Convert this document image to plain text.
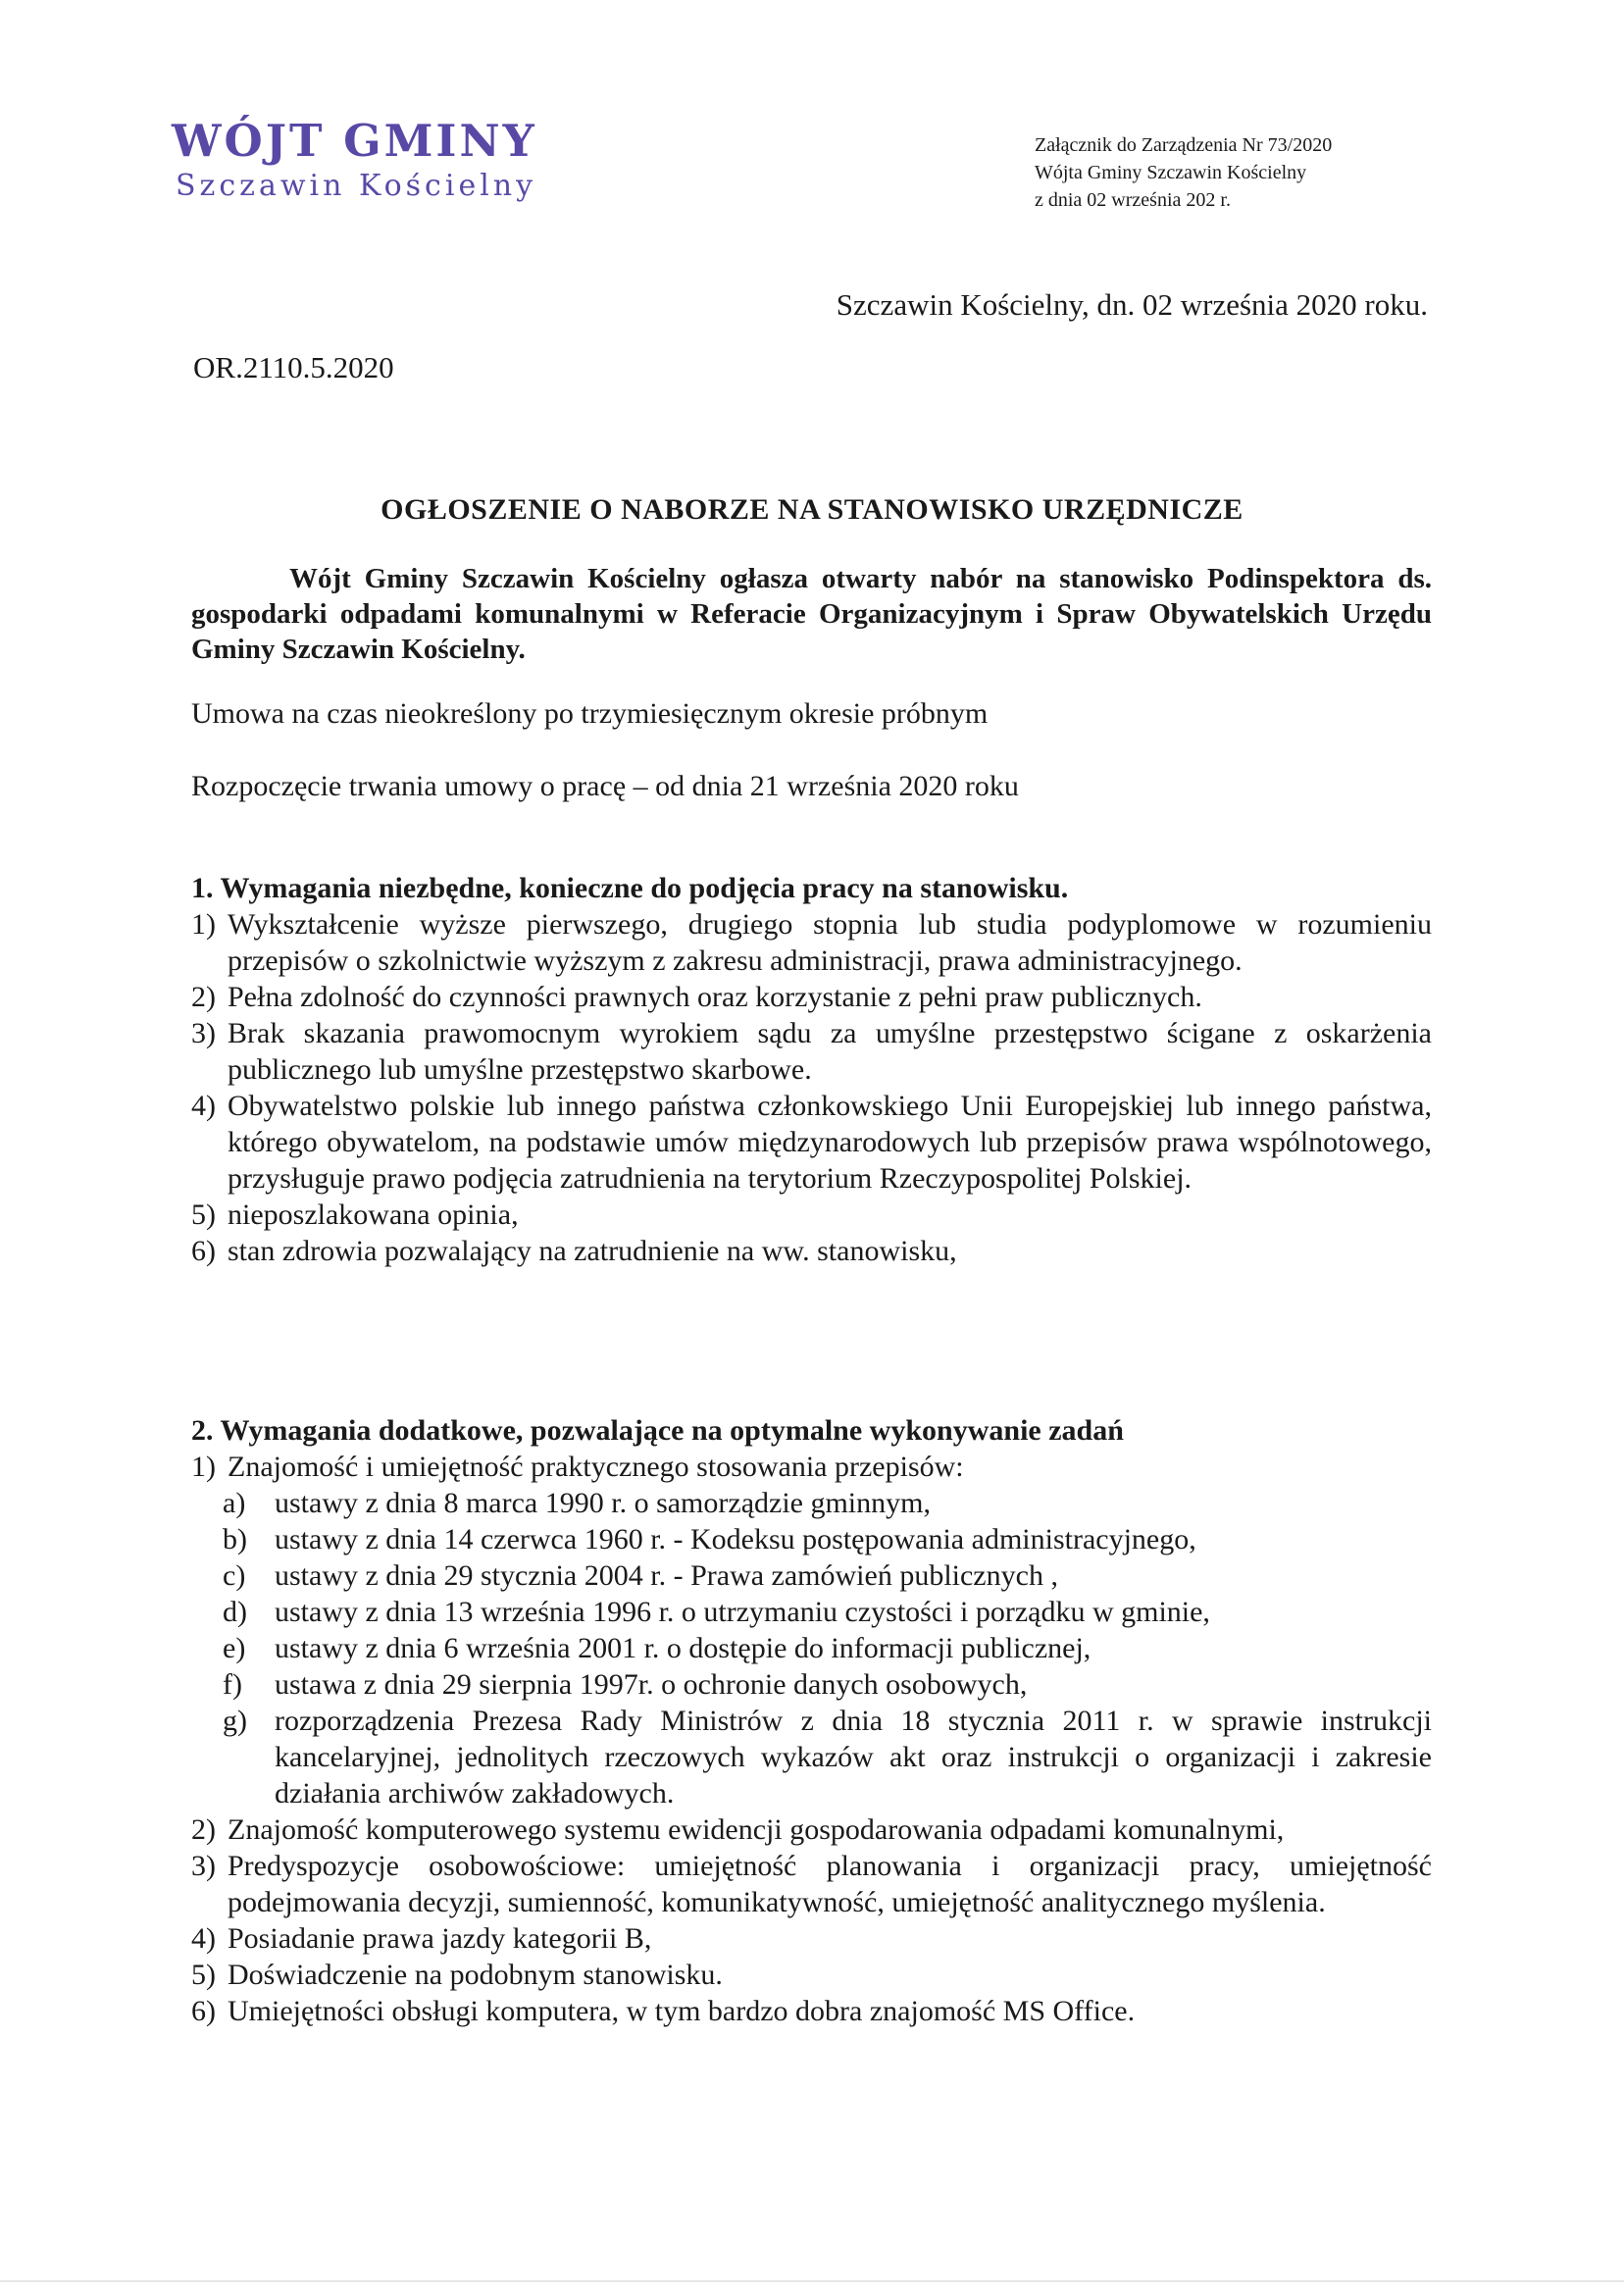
WÓJT GMINY
Szczawin Kościelny
Załącznik do Zarządzenia Nr 73/2020
Wójta Gminy Szczawin Kościelny
z dnia 02 września 202 r.
Szczawin Kościelny, dn. 02 września 2020 roku.
OR.2110.5.2020
OGŁOSZENIE O NABORZE NA STANOWISKO URZĘDNICZE
Wójt Gminy Szczawin Kościelny ogłasza otwarty nabór na stanowisko Podinspektora ds. gospodarki odpadami komunalnymi w Referacie Organizacyjnym i Spraw Obywatelskich Urzędu Gminy Szczawin Kościelny.
Umowa na czas nieokreślony po trzymiesięcznym okresie próbnym
Rozpoczęcie trwania umowy o pracę – od dnia 21 września 2020 roku
1. Wymagania niezbędne, konieczne do podjęcia pracy na stanowisku.
1) Wykształcenie wyższe pierwszego, drugiego stopnia lub studia podyplomowe w rozumieniu przepisów o szkolnictwie wyższym z zakresu administracji, prawa administracyjnego.
2) Pełna zdolność do czynności prawnych oraz korzystanie z pełni praw publicznych.
3) Brak skazania prawomocnym wyrokiem sądu za umyślne przestępstwo ścigane z oskarżenia publicznego lub umyślne przestępstwo skarbowe.
4) Obywatelstwo polskie lub innego państwa członkowskiego Unii Europejskiej lub innego państwa, którego obywatelom, na podstawie umów międzynarodowych lub przepisów prawa wspólnotowego, przysługuje prawo podjęcia zatrudnienia na terytorium Rzeczypospolitej Polskiej.
5) nieposzlakowana opinia,
6) stan zdrowia pozwalający na zatrudnienie na ww. stanowisku,
2. Wymagania dodatkowe, pozwalające na optymalne wykonywanie zadań
1) Znajomość i umiejętność praktycznego stosowania przepisów:
a) ustawy z dnia 8 marca 1990 r. o samorządzie gminnym,
b) ustawy z dnia 14 czerwca 1960 r. - Kodeksu postępowania administracyjnego,
c) ustawy z dnia 29 stycznia 2004 r. - Prawa zamówień publicznych ,
d) ustawy z dnia 13 września 1996 r. o utrzymaniu czystości i porządku w gminie,
e) ustawy z dnia 6 września 2001 r. o dostępie do informacji publicznej,
f) ustawa z dnia 29 sierpnia 1997r. o ochronie danych osobowych,
g) rozporządzenia Prezesa Rady Ministrów z dnia 18 stycznia 2011 r. w sprawie instrukcji kancelaryjnej, jednolitych rzeczowych wykazów akt oraz instrukcji o organizacji i zakresie działania archiwów zakładowych.
2) Znajomość komputerowego systemu ewidencji gospodarowania odpadami komunalnymi,
3) Predyspozycje osobowościowe: umiejętność planowania i organizacji pracy, umiejętność podejmowania decyzji, sumienność, komunikatywność, umiejętność analitycznego myślenia.
4) Posiadanie prawa jazdy kategorii B,
5) Doświadczenie na podobnym stanowisku.
6) Umiejętności obsługi komputera, w tym bardzo dobra znajomość MS Office.
